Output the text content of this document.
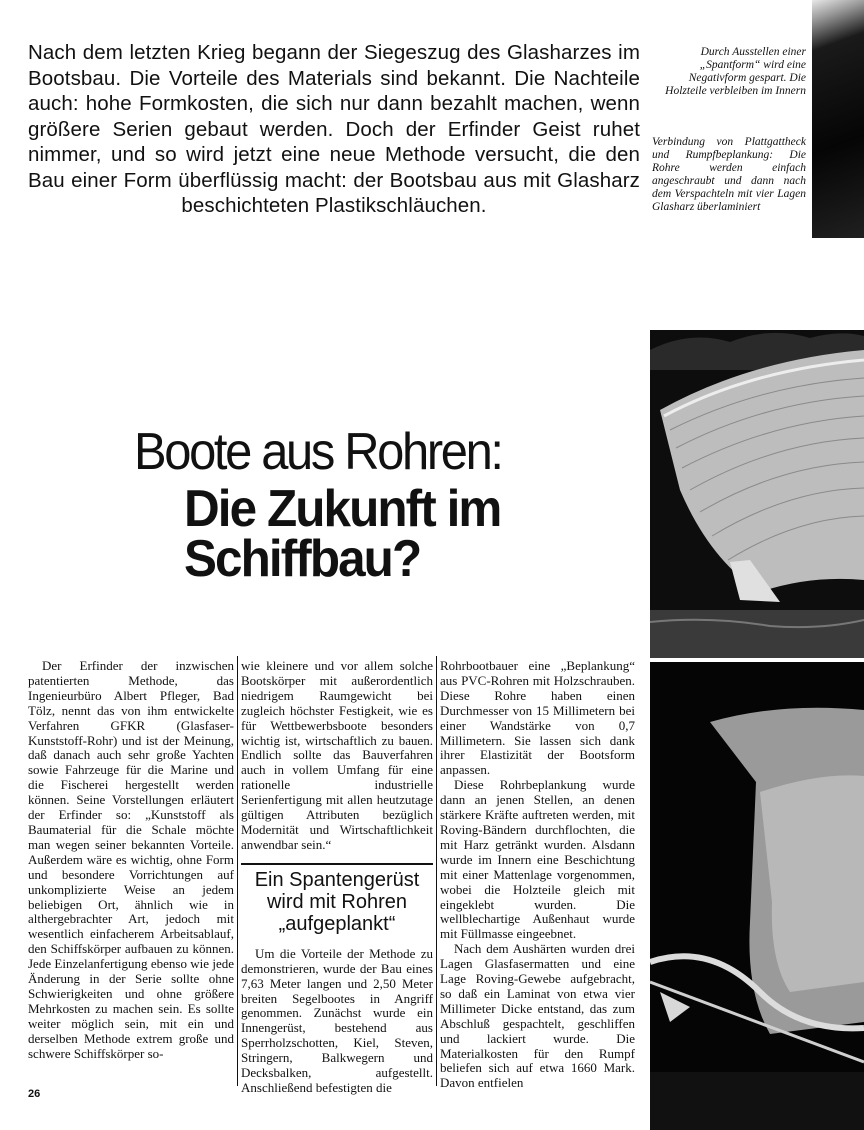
Nach dem letzten Krieg begann der Siegeszug des Glasharzes im Bootsbau. Die Vorteile des Materials sind bekannt. Die Nachteile auch: hohe Formkosten, die sich nur dann bezahlt machen, wenn größere Serien gebaut werden. Doch der Erfinder Geist ruhet nimmer, und so wird jetzt eine neue Methode versucht, die den Bau einer Form überflüssig macht: der Bootsbau aus mit Glasharz beschichteten Plastikschläuchen.
Durch Ausstellen einer „Spantform“ wird eine Negativform gespart. Die Holzteile verbleiben im Innern
Verbindung von Plattgattheck und Rumpfbeplankung: Die Rohre werden einfach angeschraubt und dann nach dem Verspachteln mit vier Lagen Glasharz überlaminiert
Boote aus Rohren:
Die Zukunft im
Schiffbau?

Der Erfinder der inzwischen patentierten Methode, das Ingenieurbüro Albert Pfleger, Bad Tölz, nennt das von ihm entwickelte Verfahren GFKR (Glasfaser-Kunststoff-Rohr) und ist der Meinung, daß danach auch sehr große Yachten sowie Fahrzeuge für die Marine und die Fischerei hergestellt werden können. Seine Vorstellungen erläutert der Erfinder so: „Kunststoff als Baumaterial für die Schale möchte man wegen seiner bekannten Vorteile. Außerdem wäre es wichtig, ohne Form und besondere Vorrichtungen auf unkomplizierte Weise an jedem beliebigen Ort, ähnlich wie in althergebrachter Art, jedoch mit wesentlich einfacherem Arbeitsablauf, den Schiffskörper aufbauen zu können. Jede Einzelanfertigung ebenso wie jede Änderung in der Serie sollte ohne Schwierigkeiten und ohne größere Mehrkosten zu machen sein. Es sollte weiter möglich sein, mit ein und derselben Methode extrem große und schwere Schiffskörper so-

wie kleinere und vor allem solche Bootskörper mit außerordentlich niedrigem Raumgewicht bei zugleich höchster Festigkeit, wie es für Wettbewerbsboote besonders wichtig ist, wirtschaftlich zu bauen. Endlich sollte das Bauverfahren auch in vollem Umfang für eine rationelle industrielle Serienfertigung mit allen heutzutage gültigen Attributen bezüglich Modernität und Wirtschaftlichkeit anwendbar sein.“

Ein Spantengerüst wird mit Rohren „aufgeplankt“

Um die Vorteile der Methode zu demonstrieren, wurde der Bau eines 7,63 Meter langen und 2,50 Meter breiten Segelbootes in Angriff genommen. Zunächst wurde ein Innengerüst, bestehend aus Sperrholzschotten, Kiel, Steven, Stringern, Balkwegern und Decksbalken, aufgestellt. Anschließend befestigten die

Rohrbootbauer eine „Beplankung“ aus PVC-Rohren mit Holzschrauben. Diese Rohre haben einen Durchmesser von 15 Millimetern bei einer Wandstärke von 0,7 Millimetern. Sie lassen sich dank ihrer Elastizität der Bootsform anpassen.

Diese Rohrbeplankung wurde dann an jenen Stellen, an denen stärkere Kräfte auftreten werden, mit Roving-Bändern durchflochten, die mit Harz getränkt wurden. Alsdann wurde im Innern eine Beschichtung mit einer Mattenlage vorgenommen, wobei die Holzteile gleich mit eingeklebt wurden. Die wellblechartige Außenhaut wurde mit Füllmasse eingeebnet.

Nach dem Aushärten wurden drei Lagen Glasfasermatten und eine Lage Roving-Gewebe aufgebracht, so daß ein Laminat von etwa vier Millimeter Dicke entstand, das zum Abschluß gespachtelt, geschliffen und lackiert wurde. Die Materialkosten für den Rumpf beliefen sich auf etwa 1660 Mark. Davon entfielen

26
